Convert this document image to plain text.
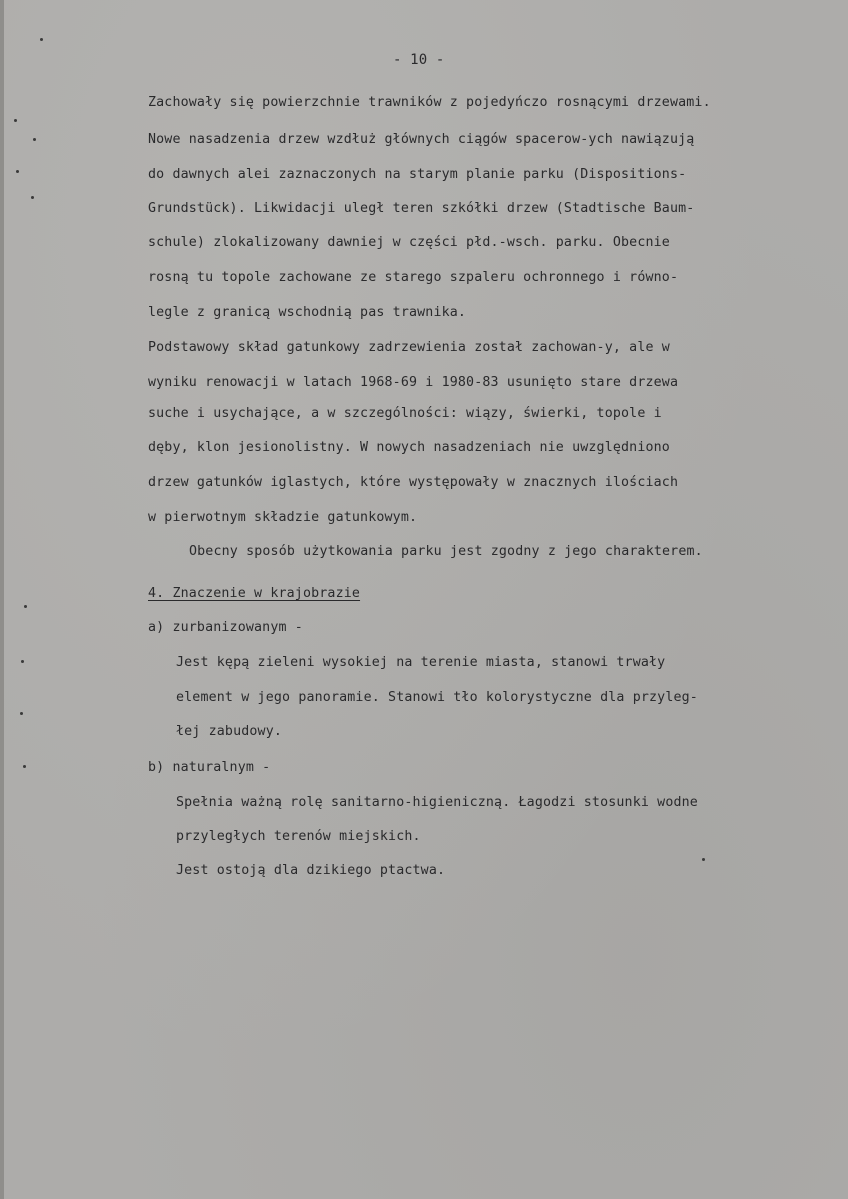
- 10 -
Zachowały się powierzchnie trawników z pojedyńczo rosnącymi drzewami.
Nowe nasadzenia drzew wzdłuż głównych ciągów spacerow-ych nawiązują
do dawnych alei zaznaczonych na starym planie parku (Dispositions-
Grundstück). Likwidacji uległ teren szkółki drzew (Stadtische Baum-
schule) zlokalizowany dawniej w części płd.-wsch. parku. Obecnie
rosną tu topole zachowane ze starego szpaleru ochronnego i równo-
legle z granicą wschodnią pas trawnika.
Podstawowy skład gatunkowy zadrzewienia został zachowan-y, ale w
wyniku renowacji w latach 1968-69 i 1980-83 usunięto stare drzewa
suche i usychające, a w szczególności: wiązy, świerki, topole i
dęby, klon jesionolistny. W nowych nasadzeniach nie uwzględniono
drzew gatunków iglastych, które występowały w znacznych ilościach
w pierwotnym składzie gatunkowym.
Obecny sposób użytkowania parku jest zgodny z jego charakterem.
4. Znaczenie w krajobrazie
a) zurbanizowanym -
Jest kępą zieleni wysokiej na terenie miasta, stanowi trwały
element w jego panoramie. Stanowi tło kolorystyczne dla przyleg-
łej zabudowy.
b) naturalnym -
Spełnia ważną rolę sanitarno-higieniczną. Łagodzi stosunki wodne
przyległych terenów miejskich.
Jest ostoją dla dzikiego ptactwa.
